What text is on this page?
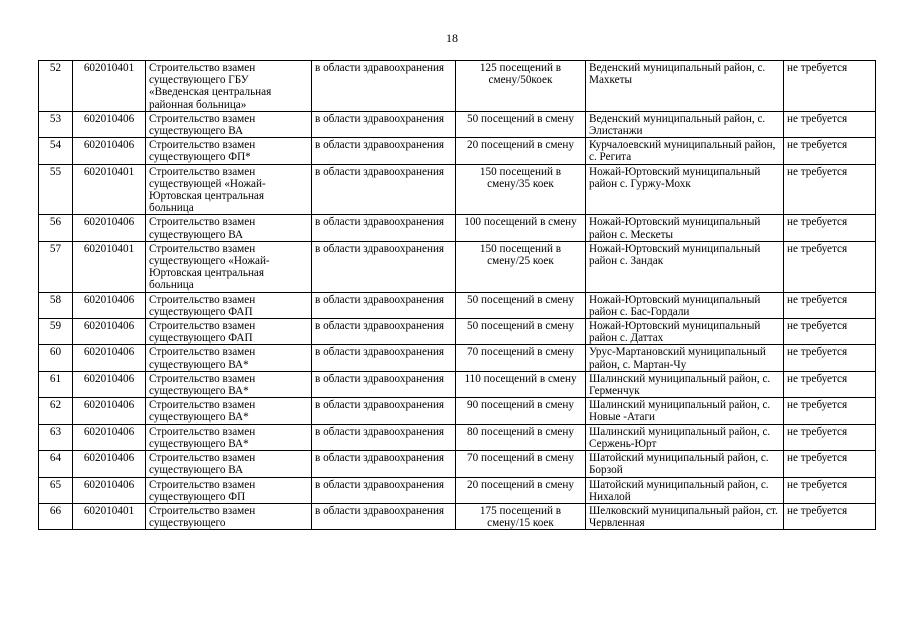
18
52	602010401	Строительство взамен существующего ГБУ «Введенская центральная районная больница»	в области здравоохранения	125 посещений в смену/50коек	Веденский муниципальный район, с. Махкеты	не требуется
53	602010406	Строительство взамен существующего ВА	в области здравоохранения	50 посещений в смену	Веденский муниципальный район, с. Элистанжи	не требуется
54	602010406	Строительство взамен существующего ФП*	в области здравоохранения	20 посещений в смену	Курчалоевский муниципальный район, с. Регита	не требуется
55	602010401	Строительство взамен существующей «Ножай-Юртовская центральная больница	в области здравоохранения	150 посещений в смену/35 коек	Ножай-Юртовский муниципальный район с. Гуржу-Мохк	не требуется
56	602010406	Строительство взамен существующего ВА	в области здравоохранения	100 посещений в смену	Ножай-Юртовский муниципальный район с. Мескеты	не требуется
57	602010401	Строительство взамен существующего «Ножай-Юртовская центральная больница	в области здравоохранения	150 посещений в смену/25 коек	Ножай-Юртовский муниципальный район с. Зандак	не требуется
58	602010406	Строительство взамен существующего ФАП	в области здравоохранения	50 посещений в смену	Ножай-Юртовский муниципальный район с. Бас-Гордали	не требуется
59	602010406	Строительство взамен существующего ФАП	в области здравоохранения	50 посещений в смену	Ножай-Юртовский муниципальный район с. Даттах	не требуется
60	602010406	Строительство взамен существующего ВА*	в области здравоохранения	70 посещений в смену	Урус-Мартановский муниципальный район, с. Мартан-Чу	не требуется
61	602010406	Строительство взамен существующего ВА*	в области здравоохранения	110 посещений в смену	Шалинский муниципальный район, с. Герменчук	не требуется
62	602010406	Строительство взамен существующего ВА*	в области здравоохранения	90 посещений в смену	Шалинский муниципальный район, с. Новые -Атаги	не требуется
63	602010406	Строительство взамен существующего ВА*	в области здравоохранения	80 посещений в смену	Шалинский муниципальный район, с. Сержень-Юрт	не требуется
64	602010406	Строительство взамен существующего ВА	в области здравоохранения	70 посещений в смену	Шатойский муниципальный район, с. Борзой	не требуется
65	602010406	Строительство взамен существующего ФП	в области здравоохранения	20 посещений в смену	Шатойский муниципальный район, с. Нихалой	не требуется
66	602010401	Строительство взамен существующего	в области здравоохранения	175 посещений в смену/15 коек	Шелковский муниципальный район, ст. Червленная	не требуется
